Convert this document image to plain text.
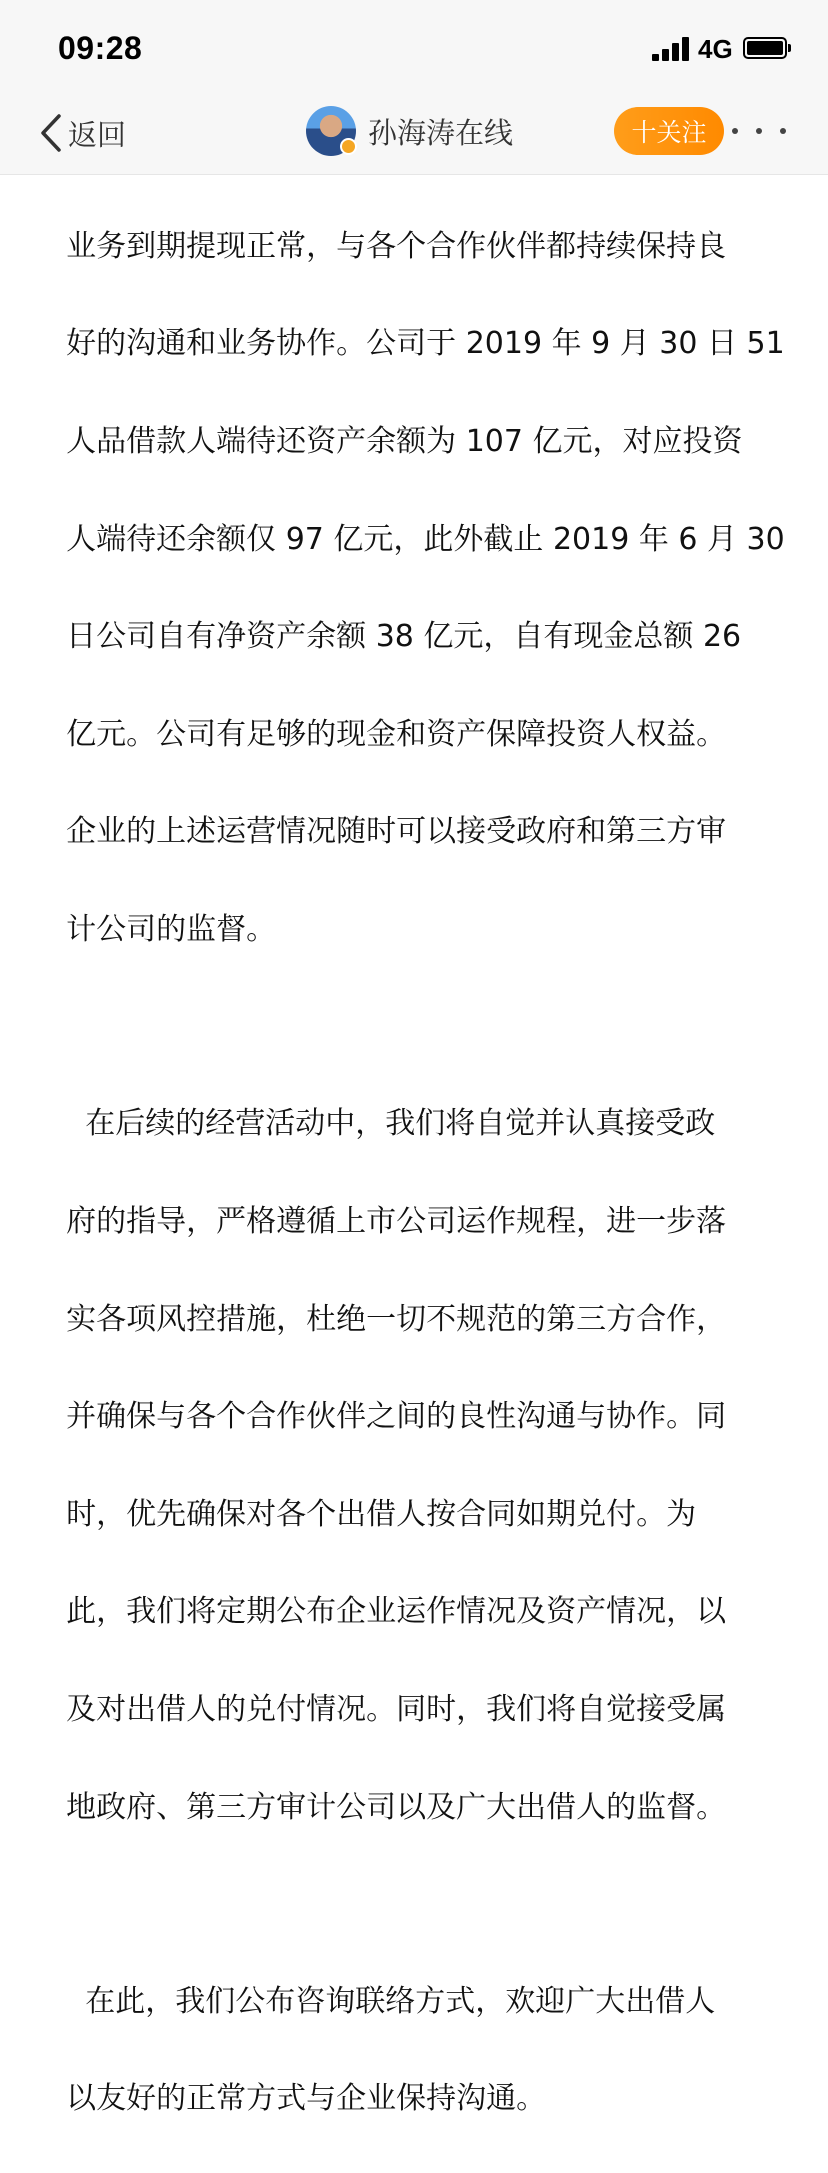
09:28	4G
返回	孙海涛在线	十关注

业务到期提现正常，与各个合作伙伴都持续保持良

好的沟通和业务协作。公司于 2019 年 9 月 30 日 51

人品借款人端待还资产余额为 107 亿元，对应投资

人端待还余额仅 97 亿元，此外截止 2019 年 6 月 30

日公司自有净资产余额 38 亿元，自有现金总额 26

亿元。公司有足够的现金和资产保障投资人权益。

企业的上述运营情况随时可以接受政府和第三方审

计公司的监督。

在后续的经营活动中，我们将自觉并认真接受政

府的指导，严格遵循上市公司运作规程，进一步落

实各项风控措施，杜绝一切不规范的第三方合作，

并确保与各个合作伙伴之间的良性沟通与协作。同

时，优先确保对各个出借人按合同如期兑付。为

此，我们将定期公布企业运作情况及资产情况，以

及对出借人的兑付情况。同时，我们将自觉接受属

地政府、第三方审计公司以及广大出借人的监督。

在此，我们公布咨询联络方式，欢迎广大出借人

以友好的正常方式与企业保持沟通。
